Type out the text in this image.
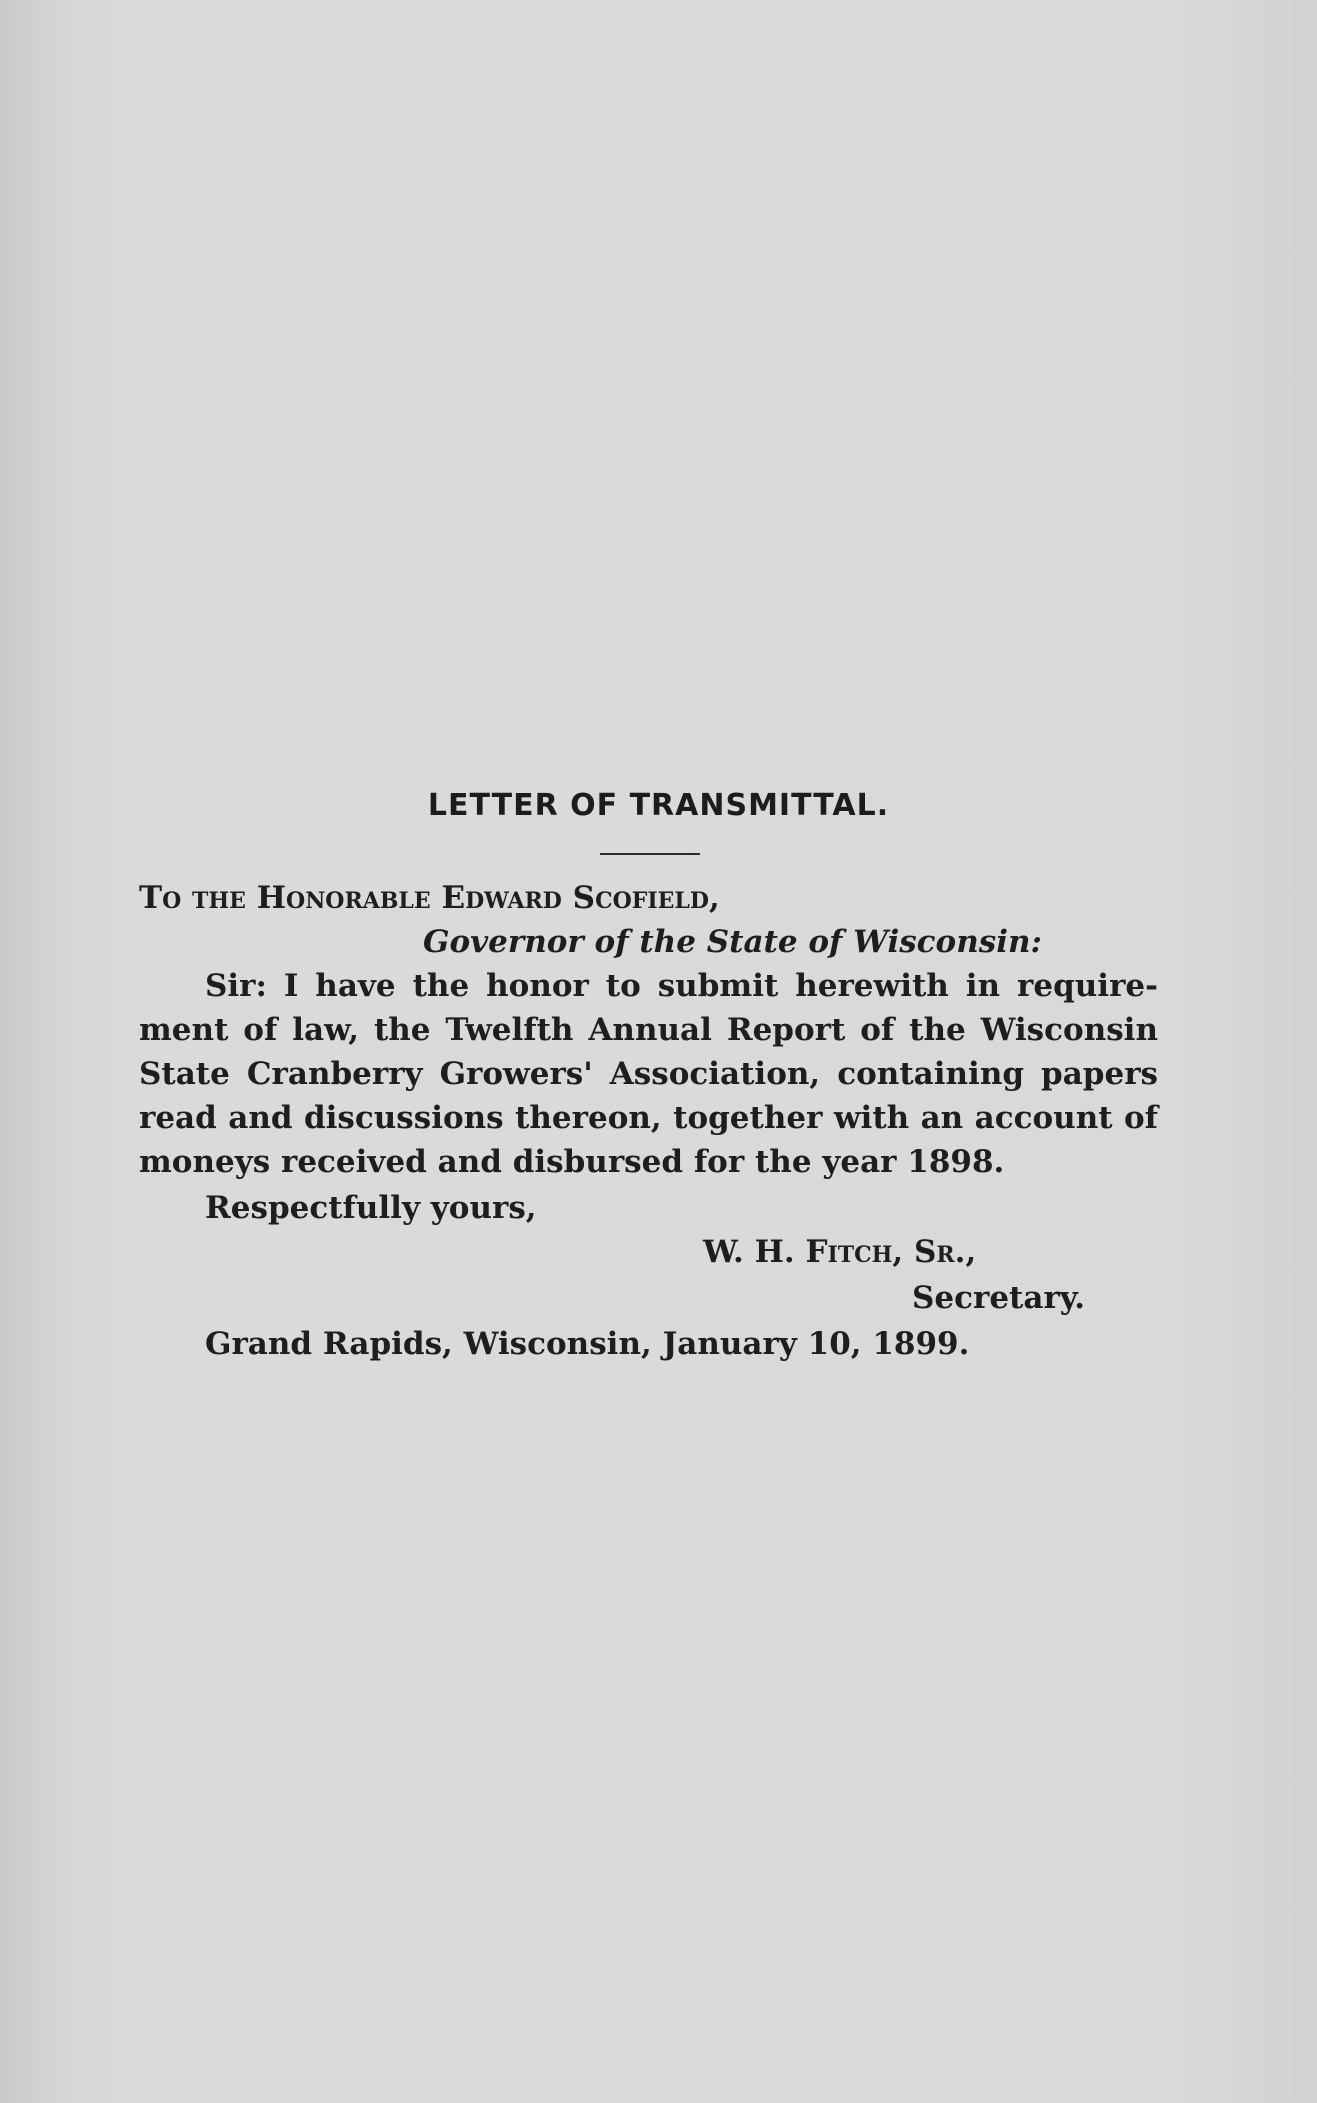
LETTER OF TRANSMITTAL.
To the Honorable Edward Scofield,
Governor of the State of Wisconsin:
Sir: I have the honor to submit herewith in require-
ment of law, the Twelfth Annual Report of the Wisconsin
State Cranberry Growers' Association, containing papers
read and discussions thereon, together with an account of
moneys received and disbursed for the year 1898.
Respectfully yours,
W. H. Fitch, Sr.,
Secretary.
Grand Rapids, Wisconsin, January 10, 1899.
